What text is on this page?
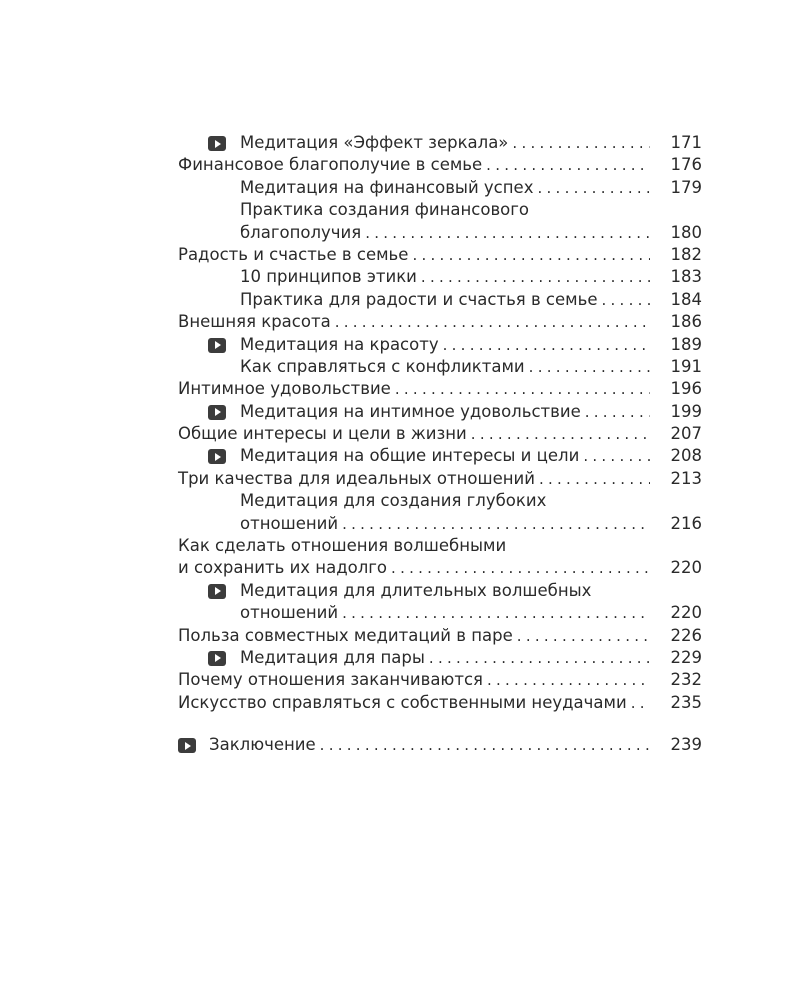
Медитация «Эффект зеркала» . . .	171
Финансовое благополучие в семье . . .	176
Медитация на финансовый успех . . .	179
Практика создания финансового
благополучия . . .	180
Радость и счастье в семье . . .	182
10 принципов этики . . .	183
Практика для радости и счастья в семье . . .	184
Внешняя красота . . .	186
Медитация на красоту . . .	189
Как справляться с конфликтами . . .	191
Интимное удовольствие . . .	196
Медитация на интимное удовольствие . . .	199
Общие интересы и цели в жизни . . .	207
Медитация на общие интересы и цели . . .	208
Три качества для идеальных отношений . . .	213
Медитация для создания глубоких
отношений . . .	216
Как сделать отношения волшебными
и сохранить их надолго . . .	220
Медитация для длительных волшебных
отношений . . .	220
Польза совместных медитаций в паре . . .	226
Медитация для пары . . .	229
Почему отношения заканчиваются . . .	232
Искусство справляться с собственными неудачами . . .	235
Заключение . . .	239
